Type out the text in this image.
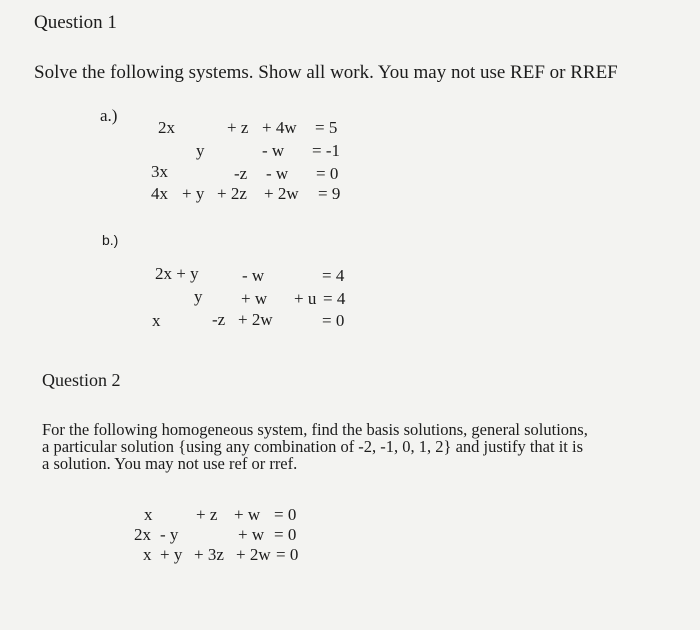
Question 1
Solve the following systems. Show all work. You may not use REF or RREF
a.)
2x	+ z + 4w = 5
y	- w = -1
3x	-z - w = 0
4x + y + 2z + 2w = 9
b.)
2x + y	- w	= 4
y + w + u = 4
x	-z + 2w	= 0
Question 2
For the following homogeneous system, find the basis solutions, general solutions,
a particular solution {using any combination of -2, -1, 0, 1, 2} and justify that it is
a solution. You may not use ref or rref.
x	+ z + w = 0
2x - y	+ w = 0
x + y + 3z + 2w = 0
